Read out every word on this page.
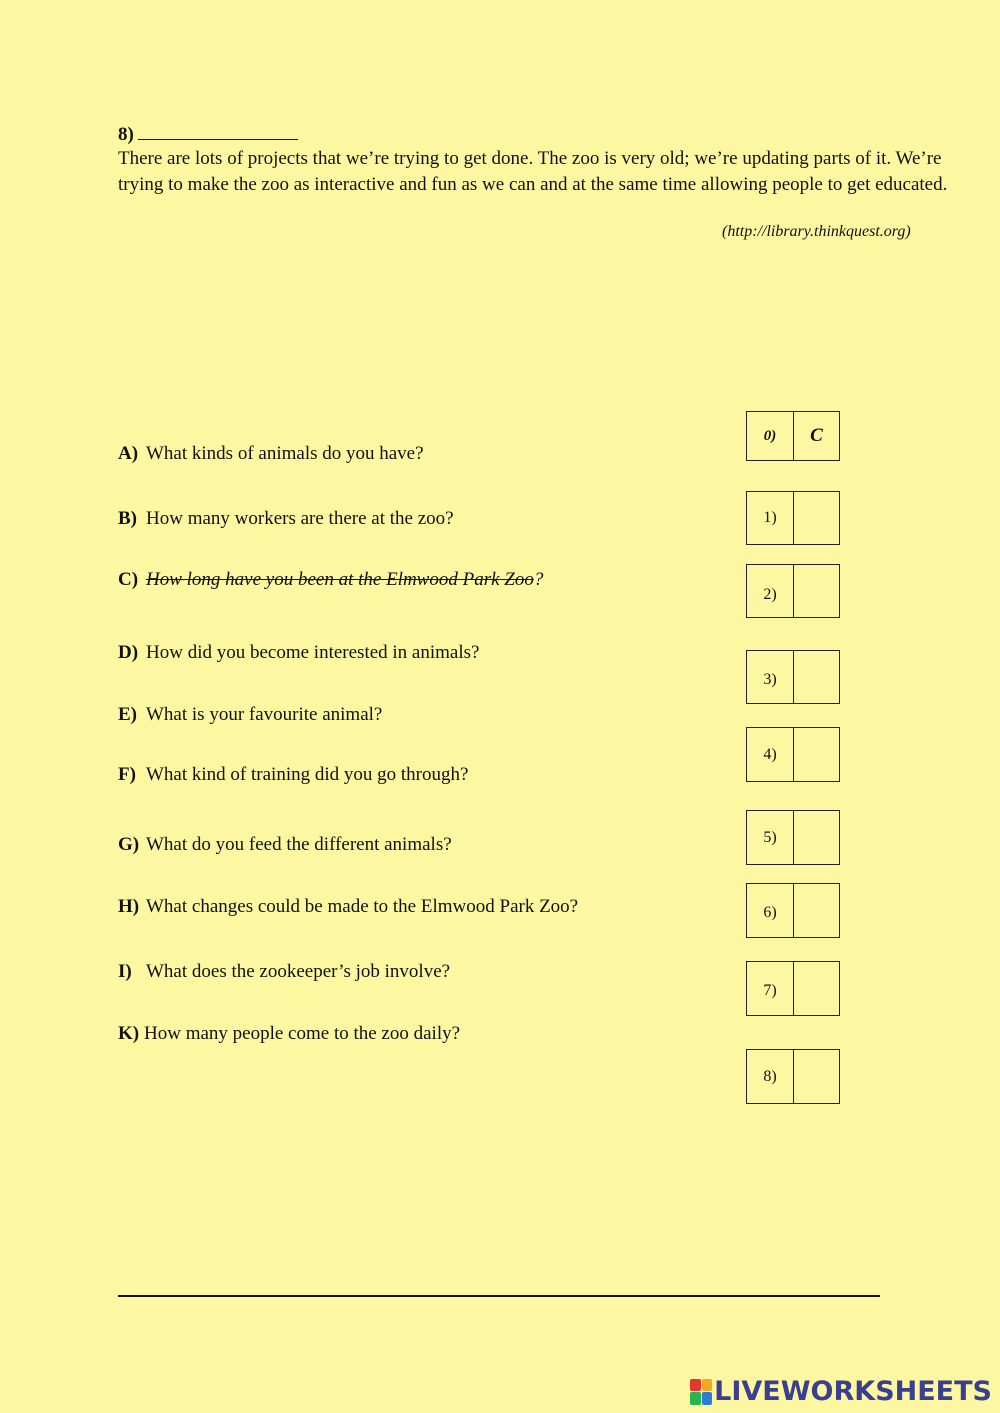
8)
There are lots of projects that we’re trying to get done. The zoo is very old; we’re updating parts of it. We’re trying to make the zoo as interactive and fun as we can and at the same time allowing people to get educated.
(http://library.thinkquest.org)
A) What kinds of animals do you have?
B) How many workers are there at the zoo?
C) How long have you been at the Elmwood Park Zoo?
D) How did you become interested in animals?
E) What is your favourite animal?
F) What kind of training did you go through?
G) What do you feed the different animals?
H) What changes could be made to the Elmwood Park Zoo?
I) What does the zookeeper’s job involve?
K) How many people come to the zoo daily?
0)	C
1)
2)
3)
4)
5)
6)
7)
8)
LIVEWORKSHEETS
